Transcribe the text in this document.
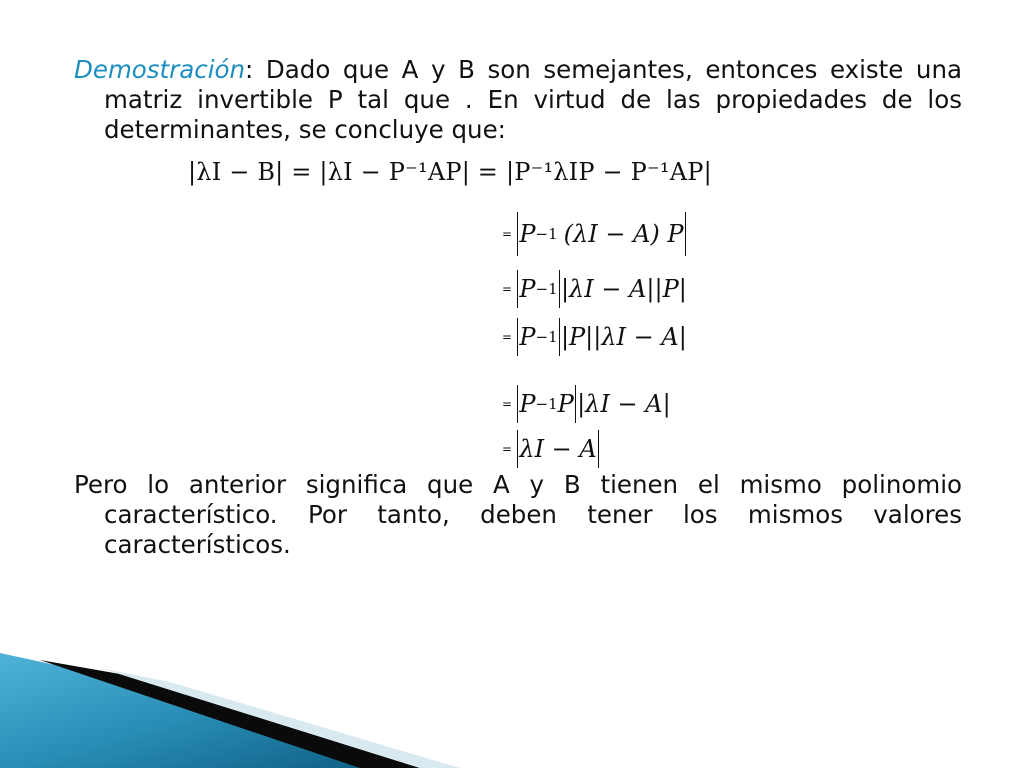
Demostración: Dado que A y B son semejantes, entonces existe una matriz invertible P tal que . En virtud de las propiedades de los determinantes, se concluye que:
|λI − B| = |λI − P⁻¹AP| = |P⁻¹λIP − P⁻¹AP|
= P −1 (λI − A) P
= P −1 |λI − A||P|
= P −1 |P||λI − A|
= P −1 P |λI − A|
= λI − A
Pero lo anterior significa que A y B tienen el mismo polinomio característico. Por tanto, deben tener los mismos valores característicos.
